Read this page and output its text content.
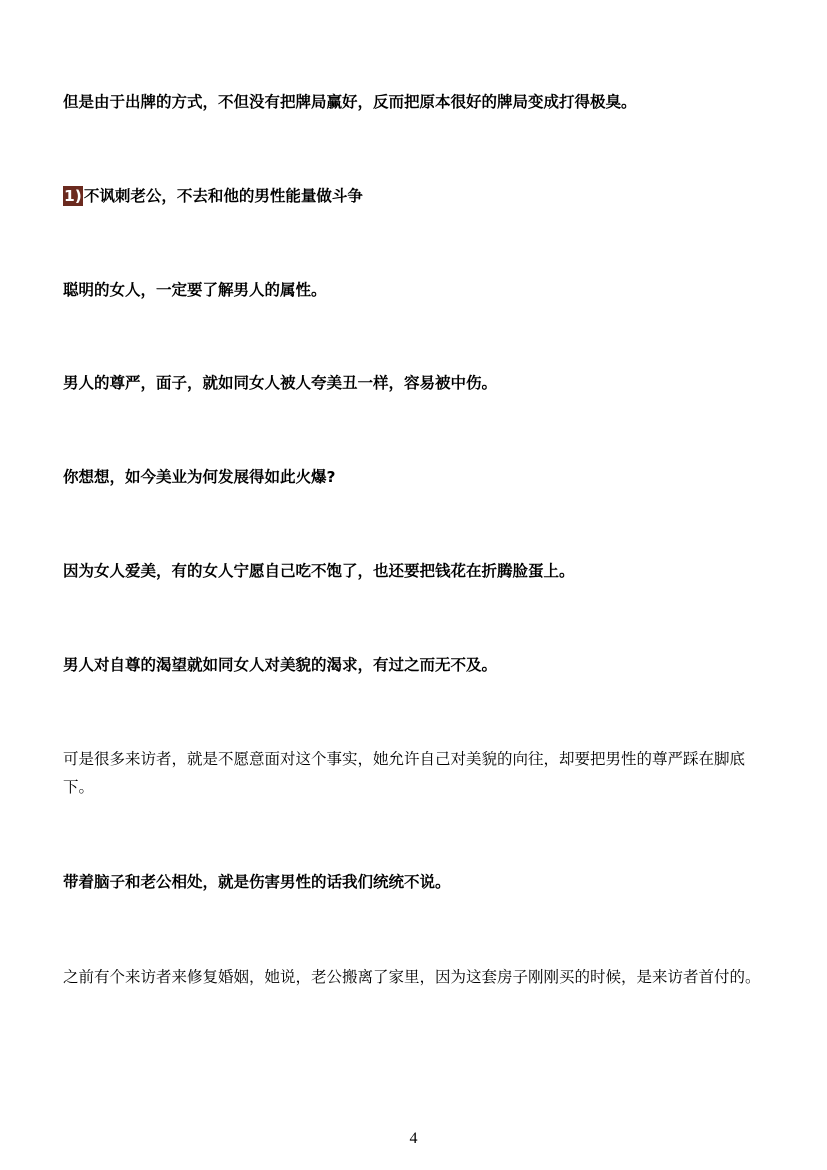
但是由于出牌的方式，不但没有把牌局赢好，反而把原本很好的牌局变成打得极臭。

1) 不讽刺老公，不去和他的男性能量做斗争

聪明的女人，一定要了解男人的属性。

男人的尊严，面子，就如同女人被人夸美丑一样，容易被中伤。

你想想，如今美业为何发展得如此火爆?

因为女人爱美，有的女人宁愿自己吃不饱了，也还要把钱花在折腾脸蛋上。

男人对自尊的渴望就如同女人对美貌的渴求，有过之而无不及。

可是很多来访者，就是不愿意面对这个事实，她允许自己对美貌的向往，却要把男性的尊严踩在脚底下。

带着脑子和老公相处，就是伤害男性的话我们统统不说。

之前有个来访者来修复婚姻，她说，老公搬离了家里，因为这套房子刚刚买的时候，是来访者首付的。

4
